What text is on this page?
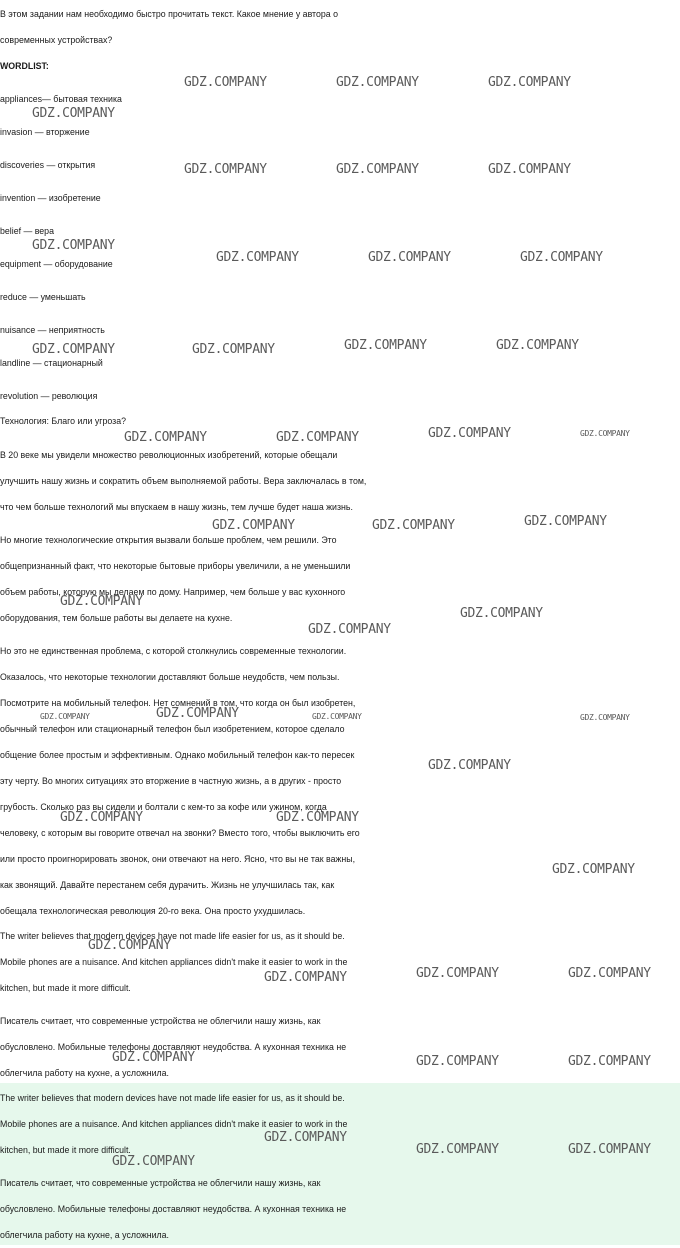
В этом задании нам необходимо быстро прочитать текст. Какое мнение у автора о
современных устройствах?
WORDLIST:
appliances— бытовая техника
invasion — вторжение
discoveries — открытия
invention — изобретение
belief — вера
equipment — оборудование
reduce — уменьшать
nuisance — неприятность
landline — стационарный
revolution — революция
Технология: Благо или угроза?
В 20 веке мы увидели множество революционных изобретений, которые обещали
улучшить нашу жизнь и сократить объем выполняемой работы. Вера заключалась в том,
что чем больше технологий мы впускаем в нашу жизнь, тем лучше будет наша жизнь.
Но многие технологические открытия вызвали больше проблем, чем решили. Это
общепризнанный факт, что некоторые бытовые приборы увеличили, а не уменьшили
объем работы, которую мы делаем по дому. Например, чем больше у вас кухонного
оборудования, тем больше работы вы делаете на кухне.
Но это не единственная проблема, с которой столкнулись современные технологии.
Оказалось, что некоторые технологии доставляют больше неудобств, чем пользы.
Посмотрите на мобильный телефон. Нет сомнений в том, что когда он был изобретен,
обычный телефон или стационарный телефон был изобретением, которое сделало
общение более простым и эффективным. Однако мобильный телефон как-то пересек
эту черту. Во многих ситуациях это вторжение в частную жизнь, а в других - просто
грубость. Сколько раз вы сидели и болтали с кем-то за кофе или ужином, когда
человеку, с которым вы говорите отвечал на звонки? Вместо того, чтобы выключить его
или просто проигнорировать звонок, они отвечают на него. Ясно, что вы не так важны,
как звонящий. Давайте перестанем себя дурачить. Жизнь не улучшилась так, как
обещала технологическая революция 20-го века. Она просто ухудшилась.
The writer believes that modern devices have not made life easier for us, as it should be.
Mobile phones are a nuisance. And kitchen appliances didn't make it easier to work in the
kitchen, but made it more difficult.
Писатель считает, что современные устройства не облегчили нашу жизнь, как
обусловлено. Мобильные телефоны доставляют неудобства. А кухонная техника не
облегчила работу на кухне, а усложнила.
The writer believes that modern devices have not made life easier for us, as it should be.
Mobile phones are a nuisance. And kitchen appliances didn't make it easier to work in the
kitchen, but made it more difficult.
Писатель считает, что современные устройства не облегчили нашу жизнь, как
обусловлено. Мобильные телефоны доставляют неудобства. А кухонная техника не
облегчила работу на кухне, а усложнила.
GDZ.COMPANY	GDZ.COMPANY	GDZ.COMPANY
GDZ.COMPANY
GDZ.COMPANY	GDZ.COMPANY	GDZ.COMPANY
GDZ.COMPANY
GDZ.COMPANY	GDZ.COMPANY	GDZ.COMPANY
GDZ.COMPANY	GDZ.COMPANY
GDZ.COMPANY	GDZ.COMPANY
GDZ.COMPANY	GDZ.COMPANY
GDZ.COMPANY	GDZ.COMPANY
GDZ.COMPANY
GDZ.COMPANY	GDZ.COMPANY
GDZ.COMPANY
GDZ.COMPANY
GDZ.COMPANY
GDZ.COMPANY	GDZ.COMPANY	GDZ.COMPANY	GDZ.COMPANY
GDZ.COMPANY
GDZ.COMPANY	GDZ.COMPANY
GDZ.COMPANY
GDZ.COMPANY
GDZ.COMPANY	GDZ.COMPANY
GDZ.COMPANY
GDZ.COMPANY	GDZ.COMPANY	GDZ.COMPANY
GDZ.COMPANY
GDZ.COMPANY	GDZ.COMPANY
GDZ.COMPANY
